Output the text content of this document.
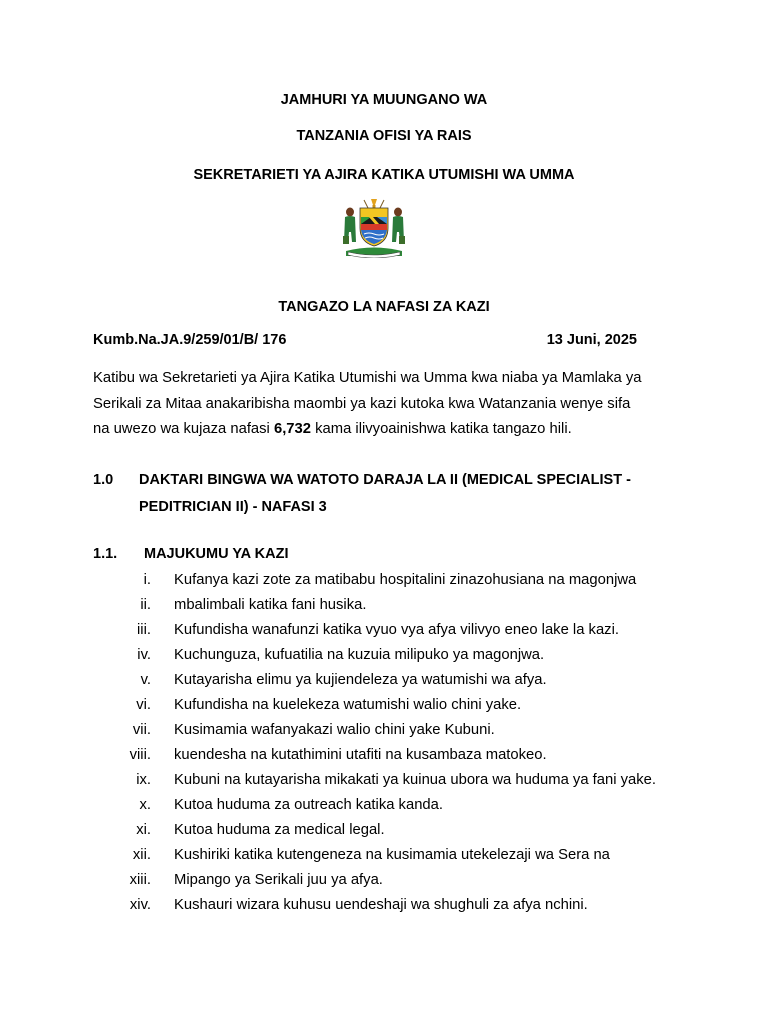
JAMHURI YA MUUNGANO WA
TANZANIA OFISI YA RAIS
SEKRETARIETI YA AJIRA KATIKA UTUMISHI WA UMMA
TANGAZO LA NAFASI ZA KAZI
Kumb.Na.JA.9/259/01/B/ 176	13 Juni, 2025

Katibu wa Sekretarieti ya Ajira Katika Utumishi wa Umma kwa niaba ya Mamlaka ya

Serikali za Mitaa anakaribisha maombi ya kazi kutoka kwa Watanzania wenye sifa

na uwezo wa kujaza nafasi 6,732 kama ilivyoainishwa katika tangazo hili.

1.0 DAKTARI BINGWA WA WATOTO DARAJA LA II (MEDICAL SPECIALIST -
PEDITRICIAN II) - NAFASI 3
1.1. MAJUKUMU YA KAZI
i. Kufanya kazi zote za matibabu hospitalini zinazohusiana na magonjwa
ii. mbalimbali katika fani husika.
iii. Kufundisha wanafunzi katika vyuo vya afya vilivyo eneo lake la kazi.
iv. Kuchunguza, kufuatilia na kuzuia milipuko ya magonjwa.
v. Kutayarisha elimu ya kujiendeleza ya watumishi wa afya.
vi. Kufundisha na kuelekeza watumishi walio chini yake.
vii. Kusimamia wafanyakazi walio chini yake Kubuni.
viii. kuendesha na kutathimini utafiti na kusambaza matokeo.
ix. Kubuni na kutayarisha mikakati ya kuinua ubora wa huduma ya fani yake.
x. Kutoa huduma za outreach katika kanda.
xi. Kutoa huduma za medical legal.
xii. Kushiriki katika kutengeneza na kusimamia utekelezaji wa Sera na
xiii. Mipango ya Serikali juu ya afya.
xiv. Kushauri wizara kuhusu uendeshaji wa shughuli za afya nchini.
